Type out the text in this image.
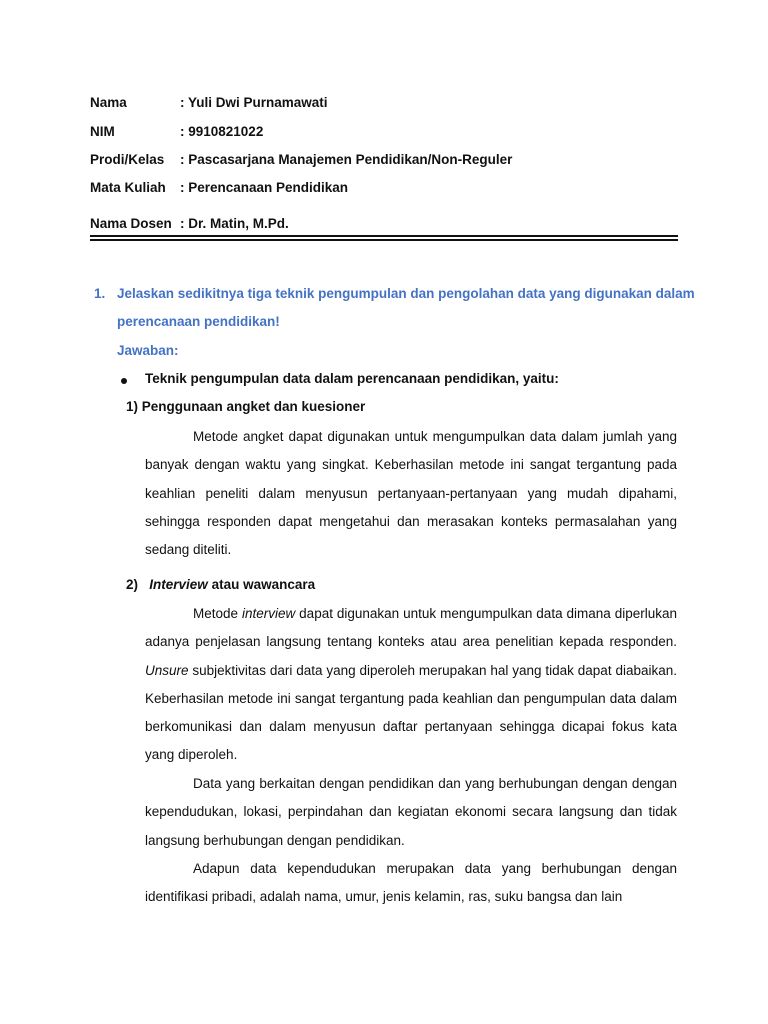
Nama	: Yuli Dwi Purnamawati
NIM	: 9910821022
Prodi/Kelas : Pascasarjana Manajemen Pendidikan/Non-Reguler
Mata Kuliah : Perencanaan Pendidikan
Nama Dosen : Dr. Matin, M.Pd.
1. Jelaskan sedikitnya tiga teknik pengumpulan dan pengolahan data yang digunakan dalam
perencanaan pendidikan!
Jawaban:
Teknik pengumpulan data dalam perencanaan pendidikan, yaitu:
1) Penggunaan angket dan kuesioner
Metode angket dapat digunakan untuk mengumpulkan data dalam jumlah yang banyak dengan waktu yang singkat. Keberhasilan metode ini sangat tergantung pada keahlian peneliti dalam menyusun pertanyaan-pertanyaan yang mudah dipahami, sehingga responden dapat mengetahui dan merasakan konteks permasalahan yang sedang diteliti.
2) Interview atau wawancara
Metode interview dapat digunakan untuk mengumpulkan data dimana diperlukan adanya penjelasan langsung tentang konteks atau area penelitian kepada responden. Unsure subjektivitas dari data yang diperoleh merupakan hal yang tidak dapat diabaikan. Keberhasilan metode ini sangat tergantung pada keahlian dan pengumpulan data dalam berkomunikasi dan dalam menyusun daftar pertanyaan sehingga dicapai fokus kata yang diperoleh.
Data yang berkaitan dengan pendidikan dan yang berhubungan dengan dengan kependudukan, lokasi, perpindahan dan kegiatan ekonomi secara langsung dan tidak langsung berhubungan dengan pendidikan.
Adapun data kependudukan merupakan data yang berhubungan dengan identifikasi pribadi, adalah nama, umur, jenis kelamin, ras, suku bangsa dan lain
